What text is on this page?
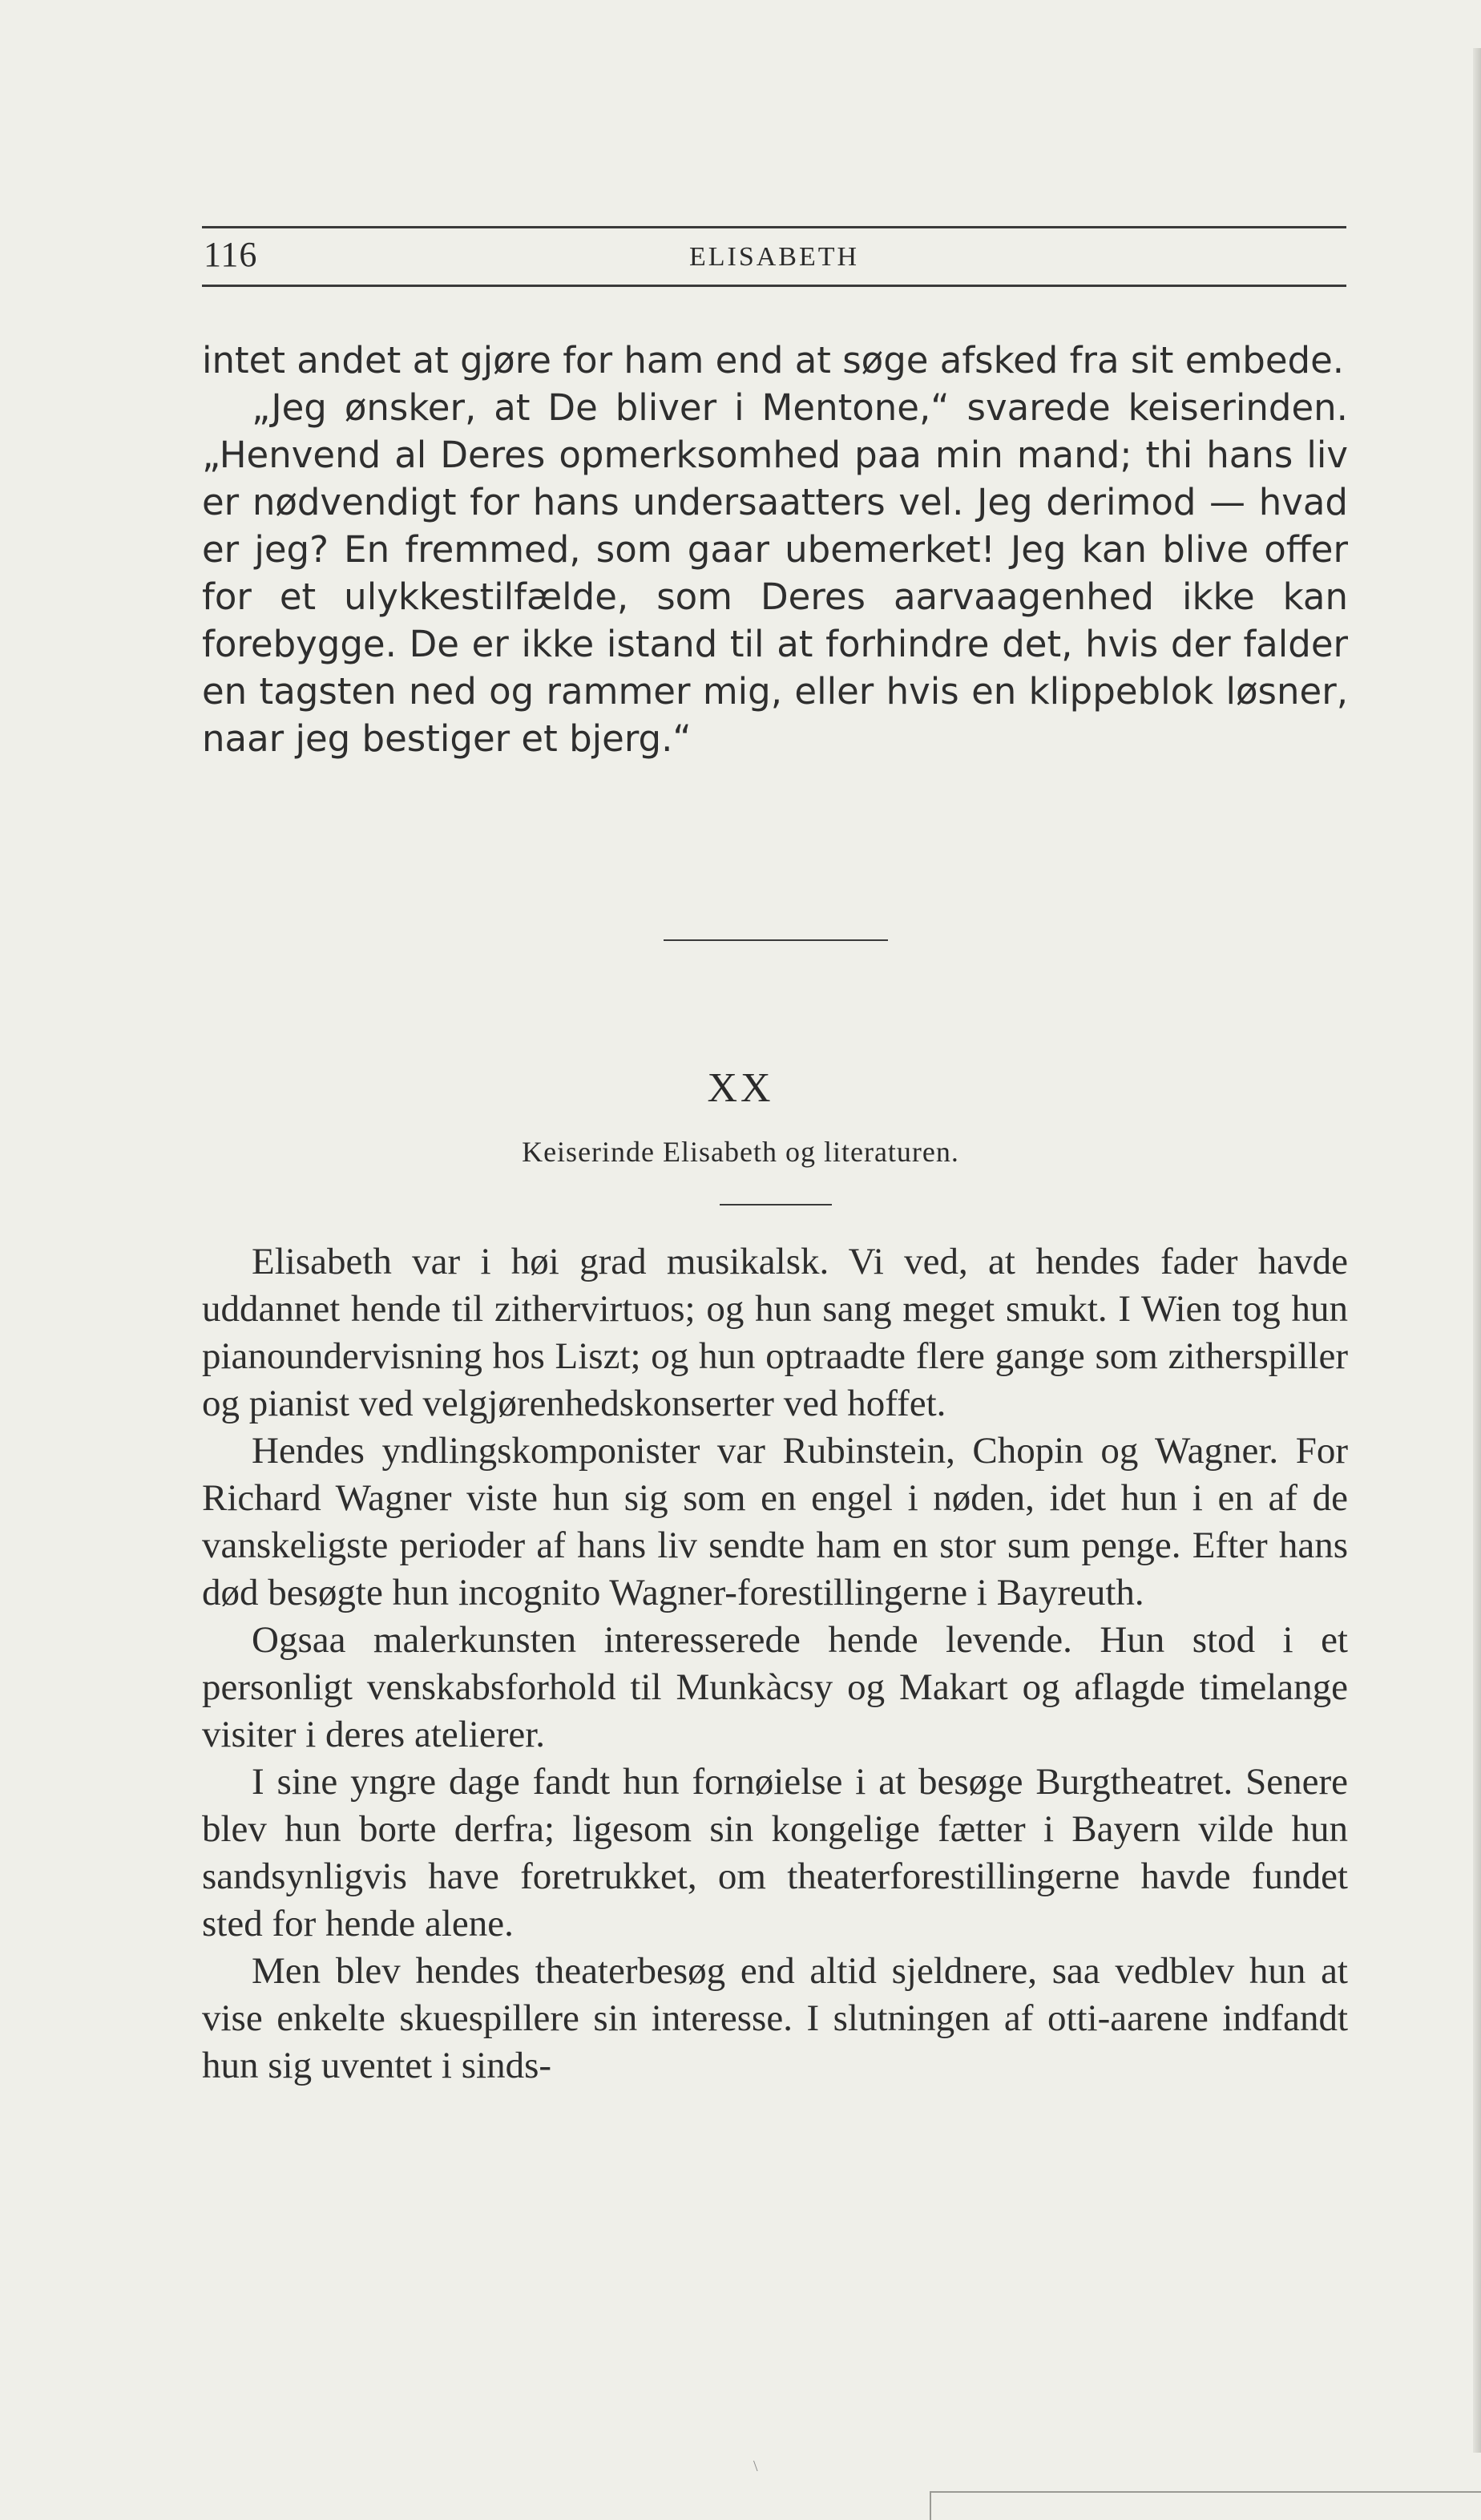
116	ELISABETH

intet andet at gjøre for ham end at søge afsked fra sit embede.

„Jeg ønsker, at De bliver i Mentone,“ svarede keiserinden. „Henvend al Deres opmerksomhed paa min mand; thi hans liv er nødvendigt for hans undersaatters vel. Jeg derimod — hvad er jeg? En fremmed, som gaar ubemerket! Jeg kan blive offer for et ulykkestilfælde, som Deres aarvaagenhed ikke kan forebygge. De er ikke istand til at forhindre det, hvis der falder en tagsten ned og rammer mig, eller hvis en klippeblok løsner, naar jeg bestiger et bjerg.“

XX
Keiserinde Elisabeth og literaturen.

Elisabeth var i høi grad musikalsk. Vi ved, at hendes fader havde uddannet hende til zithervirtuos; og hun sang meget smukt. I Wien tog hun pianoundervisning hos Liszt; og hun optraadte flere gange som zitherspiller og pianist ved velgjørenhedskonserter ved hoffet.

Hendes yndlingskomponister var Rubinstein, Chopin og Wagner. For Richard Wagner viste hun sig som en engel i nøden, idet hun i en af de vanskeligste perioder af hans liv sendte ham en stor sum penge. Efter hans død besøgte hun incognito Wagner-forestillingerne i Bayreuth.

Ogsaa malerkunsten interesserede hende levende. Hun stod i et personligt venskabsforhold til Munkàcsy og Makart og aflagde timelange visiter i deres atelierer.

I sine yngre dage fandt hun fornøielse i at besøge Burgtheatret. Senere blev hun borte derfra; ligesom sin kongelige fætter i Bayern vilde hun sandsynligvis have foretrukket, om theaterforestillingerne havde fundet sted for hende alene.

Men blev hendes theaterbesøg end altid sjeldnere, saa vedblev hun at vise enkelte skuespillere sin interesse. I slutningen af otti-aarene indfandt hun sig uventet i sinds-

\
